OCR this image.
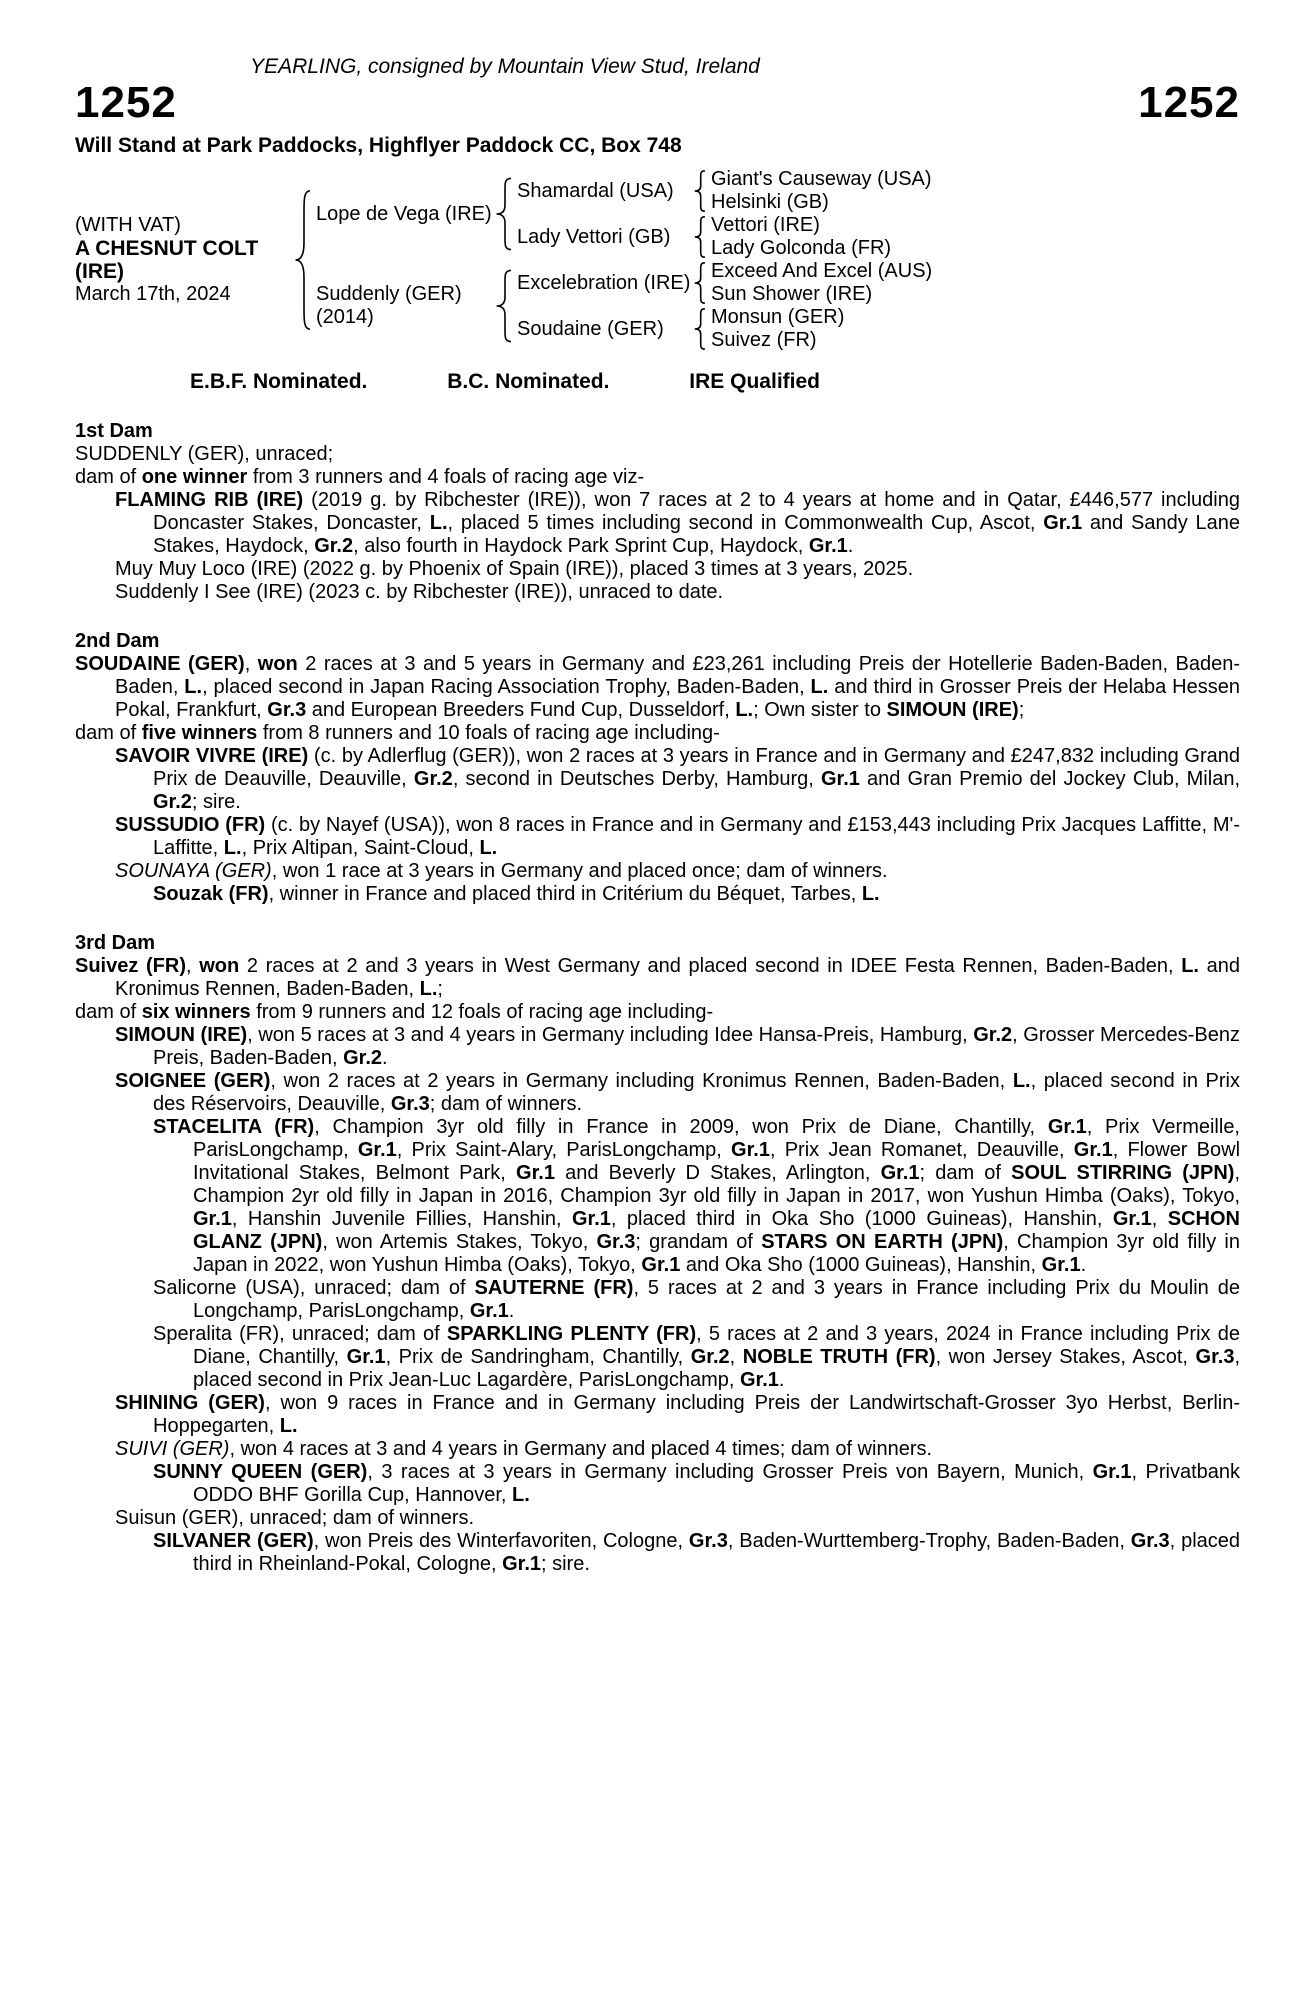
YEARLING, consigned by Mountain View Stud, Ireland
1252	1252
Will Stand at Park Paddocks, Highflyer Paddock CC, Box 748
(WITH VAT)
A CHESNUT COLT
(IRE)
March 17th, 2024
Lope de Vega (IRE)
Suddenly (GER)
(2014)
Shamardal (USA)
Lady Vettori (GB)
Excelebration (IRE)
Soudaine (GER)
Giant's Causeway (USA)
Helsinki (GB)
Vettori (IRE)
Lady Golconda (FR)
Exceed And Excel (AUS)
Sun Shower (IRE)
Monsun (GER)
Suivez (FR)
E.B.F. Nominated.	B.C. Nominated.	IRE Qualified
1st Dam

SUDDENLY (GER), unraced;

dam of one winner from 3 runners and 4 foals of racing age viz-

FLAMING RIB (IRE) (2019 g. by Ribchester (IRE)), won 7 races at 2 to 4 years at home and in Qatar, £446,577 including Doncaster Stakes, Doncaster, L., placed 5 times including second in Commonwealth Cup, Ascot, Gr.1 and Sandy Lane Stakes, Haydock, Gr.2, also fourth in Haydock Park Sprint Cup, Haydock, Gr.1.

Muy Muy Loco (IRE) (2022 g. by Phoenix of Spain (IRE)), placed 3 times at 3 years, 2025.

Suddenly I See (IRE) (2023 c. by Ribchester (IRE)), unraced to date.

2nd Dam

SOUDAINE (GER), won 2 races at 3 and 5 years in Germany and £23,261 including Preis der Hotellerie Baden-Baden, Baden-Baden, L., placed second in Japan Racing Association Trophy, Baden-Baden, L. and third in Grosser Preis der Helaba Hessen Pokal, Frankfurt, Gr.3 and European Breeders Fund Cup, Dusseldorf, L.; Own sister to SIMOUN (IRE);

dam of five winners from 8 runners and 10 foals of racing age including-

SAVOIR VIVRE (IRE) (c. by Adlerflug (GER)), won 2 races at 3 years in France and in Germany and £247,832 including Grand Prix de Deauville, Deauville, Gr.2, second in Deutsches Derby, Hamburg, Gr.1 and Gran Premio del Jockey Club, Milan, Gr.2; sire.

SUSSUDIO (FR) (c. by Nayef (USA)), won 8 races in France and in Germany and £153,443 including Prix Jacques Laffitte, M'-Laffitte, L., Prix Altipan, Saint-Cloud, L.

SOUNAYA (GER), won 1 race at 3 years in Germany and placed once; dam of winners.

Souzak (FR), winner in France and placed third in Critérium du Béquet, Tarbes, L.

3rd Dam

Suivez (FR), won 2 races at 2 and 3 years in West Germany and placed second in IDEE Festa Rennen, Baden-Baden, L. and Kronimus Rennen, Baden-Baden, L.;

dam of six winners from 9 runners and 12 foals of racing age including-

SIMOUN (IRE), won 5 races at 3 and 4 years in Germany including Idee Hansa-Preis, Hamburg, Gr.2, Grosser Mercedes-Benz Preis, Baden-Baden, Gr.2.

SOIGNEE (GER), won 2 races at 2 years in Germany including Kronimus Rennen, Baden-Baden, L., placed second in Prix des Réservoirs, Deauville, Gr.3; dam of winners.

STACELITA (FR), Champion 3yr old filly in France in 2009, won Prix de Diane, Chantilly, Gr.1, Prix Vermeille, ParisLongchamp, Gr.1, Prix Saint-Alary, ParisLongchamp, Gr.1, Prix Jean Romanet, Deauville, Gr.1, Flower Bowl Invitational Stakes, Belmont Park, Gr.1 and Beverly D Stakes, Arlington, Gr.1; dam of SOUL STIRRING (JPN), Champion 2yr old filly in Japan in 2016, Champion 3yr old filly in Japan in 2017, won Yushun Himba (Oaks), Tokyo, Gr.1, Hanshin Juvenile Fillies, Hanshin, Gr.1, placed third in Oka Sho (1000 Guineas), Hanshin, Gr.1, SCHON GLANZ (JPN), won Artemis Stakes, Tokyo, Gr.3; grandam of STARS ON EARTH (JPN), Champion 3yr old filly in Japan in 2022, won Yushun Himba (Oaks), Tokyo, Gr.1 and Oka Sho (1000 Guineas), Hanshin, Gr.1.

Salicorne (USA), unraced; dam of SAUTERNE (FR), 5 races at 2 and 3 years in France including Prix du Moulin de Longchamp, ParisLongchamp, Gr.1.

Speralita (FR), unraced; dam of SPARKLING PLENTY (FR), 5 races at 2 and 3 years, 2024 in France including Prix de Diane, Chantilly, Gr.1, Prix de Sandringham, Chantilly, Gr.2, NOBLE TRUTH (FR), won Jersey Stakes, Ascot, Gr.3, placed second in Prix Jean-Luc Lagardère, ParisLongchamp, Gr.1.

SHINING (GER), won 9 races in France and in Germany including Preis der Landwirtschaft-Grosser 3yo Herbst, Berlin-Hoppegarten, L.

SUIVI (GER), won 4 races at 3 and 4 years in Germany and placed 4 times; dam of winners.

SUNNY QUEEN (GER), 3 races at 3 years in Germany including Grosser Preis von Bayern, Munich, Gr.1, Privatbank ODDO BHF Gorilla Cup, Hannover, L.

Suisun (GER), unraced; dam of winners.

SILVANER (GER), won Preis des Winterfavoriten, Cologne, Gr.3, Baden-Wurttemberg-Trophy, Baden-Baden, Gr.3, placed third in Rheinland-Pokal, Cologne, Gr.1; sire.
